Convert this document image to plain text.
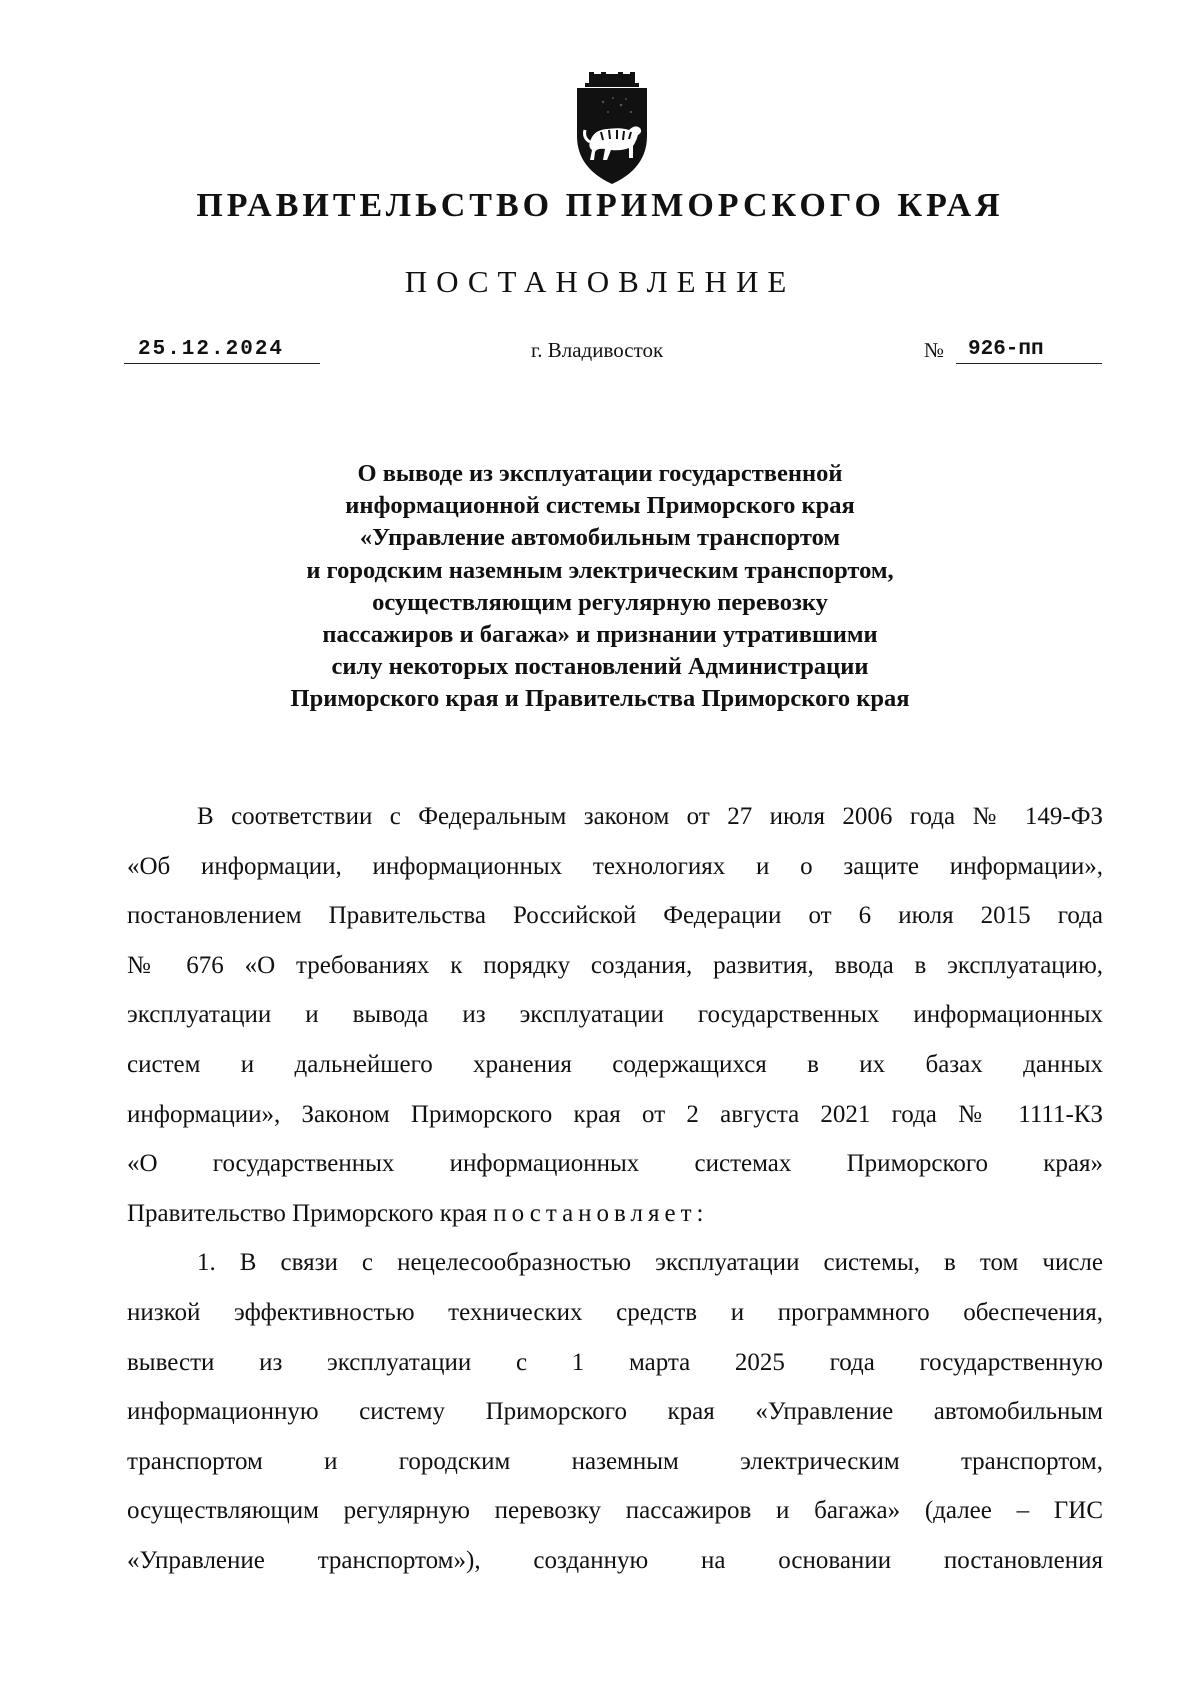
ПРАВИТЕЛЬСТВО ПРИМОРСКОГО КРАЯ
ПОСТАНОВЛЕНИЕ
25.12.2024	г. Владивосток	№	926-пп
О выводе из эксплуатации государственной
информационной системы Приморского края
«Управление автомобильным транспортом
и городским наземным электрическим транспортом,
осуществляющим регулярную перевозку
пассажиров и багажа» и признании утратившими
силу некоторых постановлений Администрации
Приморского края и Правительства Приморского края
В соответствии с Федеральным законом от 27 июля 2006 года № 149-ФЗ
«Об информации, информационных технологиях и о защите информации»,
постановлением Правительства Российской Федерации от 6 июля 2015 года
№ 676 «О требованиях к порядку создания, развития, ввода в эксплуатацию,
эксплуатации и вывода из эксплуатации государственных информационных
систем и дальнейшего хранения содержащихся в их базах данных
информации», Законом Приморского края от 2 августа 2021 года № 1111-КЗ
«О государственных информационных системах Приморского края»
Правительство Приморского края постановляет:
1. В связи с нецелесообразностью эксплуатации системы, в том числе
низкой эффективностью технических средств и программного обеспечения,
вывести из эксплуатации с 1 марта 2025 года государственную
информационную систему Приморского края «Управление автомобильным
транспортом и городским наземным электрическим транспортом,
осуществляющим регулярную перевозку пассажиров и багажа» (далее – ГИС
«Управление транспортом»), созданную на основании постановления
